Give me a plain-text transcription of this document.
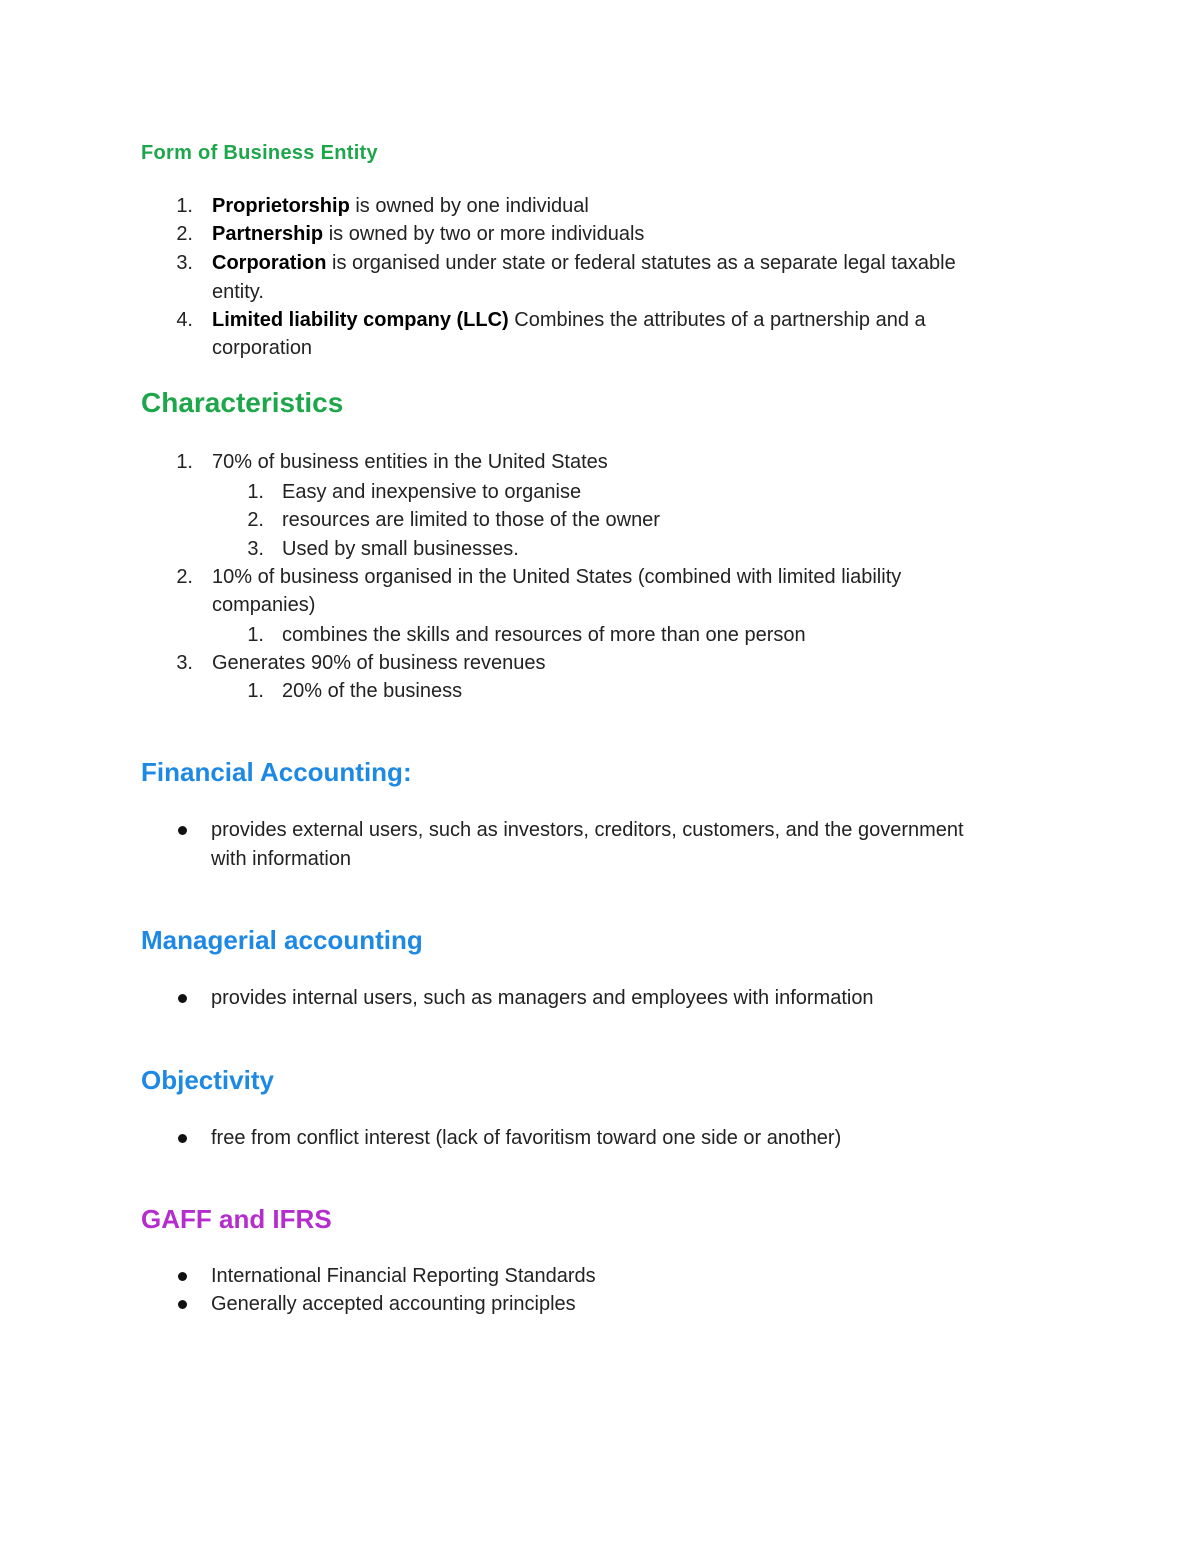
Form of Business Entity
1. Proprietorship is owned by one individual
2. Partnership is owned by two or more individuals
3. Corporation is organised under state or federal statutes as a separate legal taxable
entity.
4. Limited liability company (LLC) Combines the attributes of a partnership and a
corporation
Characteristics
1. 70% of business entities in the United States
1. Easy and inexpensive to organise
2. resources are limited to those of the owner
3. Used by small businesses.
2. 10% of business organised in the United States (combined with limited liability
companies)
1. combines the skills and resources of more than one person
3. Generates 90% of business revenues
1. 20% of the business
Financial Accounting:
provides external users, such as investors, creditors, customers, and the government
with information
Managerial accounting
provides internal users, such as managers and employees with information
Objectivity
free from conflict interest (lack of favoritism toward one side or another)
GAFF and IFRS
International Financial Reporting Standards
Generally accepted accounting principles
